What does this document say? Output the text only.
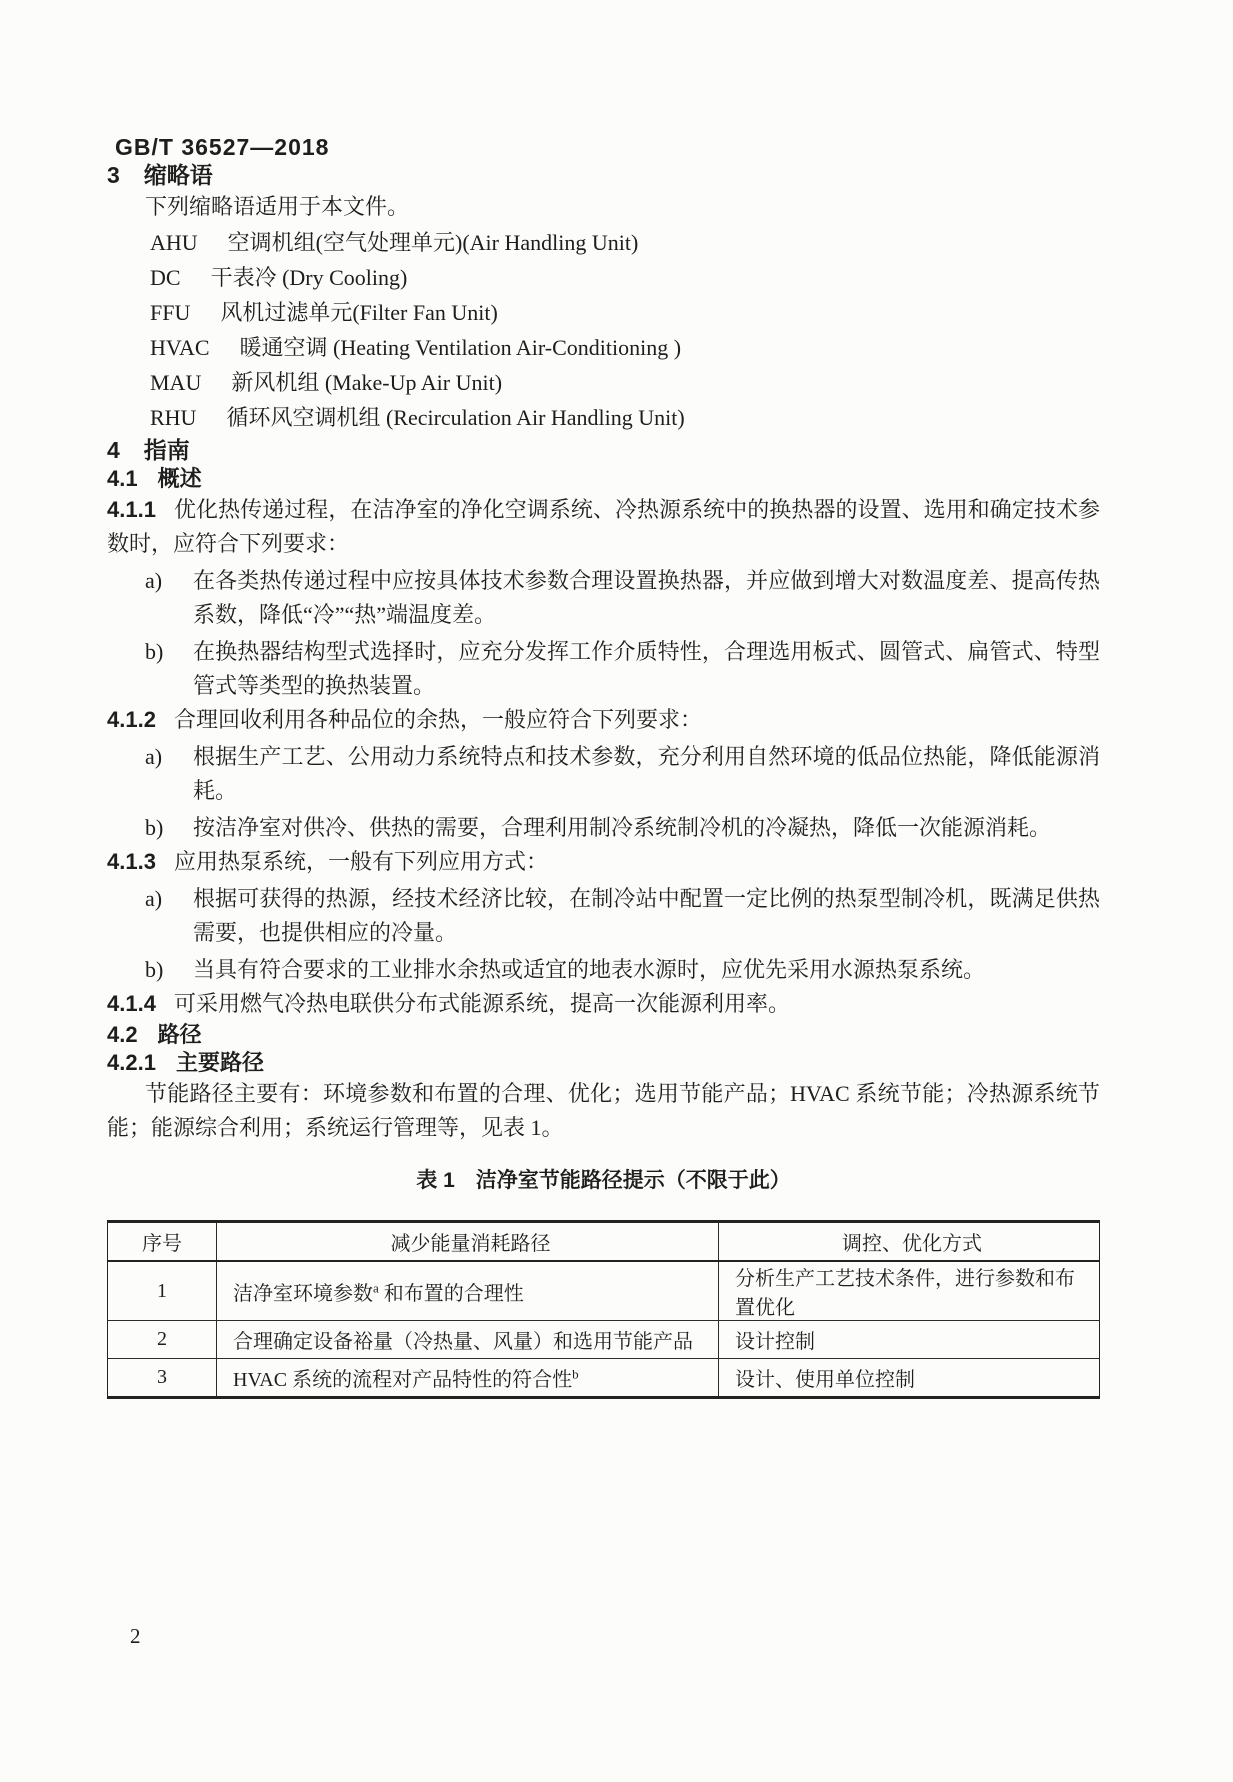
GB/T 36527—2018
3 缩略语

下列缩略语适用于本文件。

AHU 空调机组(空气处理单元)(Air Handling Unit)
DC 干表冷 (Dry Cooling)
FFU 风机过滤单元(Filter Fan Unit)
HVAC 暖通空调 (Heating Ventilation Air-Conditioning )
MAU 新风机组 (Make-Up Air Unit)
RHU 循环风空调机组 (Recirculation Air Handling Unit)
4 指南
4.1 概述

4.1.1 优化热传递过程，在洁净室的净化空调系统、冷热源系统中的换热器的设置、选用和确定技术参数时，应符合下列要求：

a) 在各类热传递过程中应按具体技术参数合理设置换热器，并应做到增大对数温度差、提高传热系数，降低“冷”“热”端温度差。
b) 在换热器结构型式选择时，应充分发挥工作介质特性，合理选用板式、圆管式、扁管式、特型管式等类型的换热装置。

4.1.2 合理回收利用各种品位的余热，一般应符合下列要求：

a) 根据生产工艺、公用动力系统特点和技术参数，充分利用自然环境的低品位热能，降低能源消耗。
b) 按洁净室对供冷、供热的需要，合理利用制冷系统制冷机的冷凝热，降低一次能源消耗。

4.1.3 应用热泵系统，一般有下列应用方式：

a) 根据可获得的热源，经技术经济比较，在制冷站中配置一定比例的热泵型制冷机，既满足供热需要，也提供相应的冷量。
b) 当具有符合要求的工业排水余热或适宜的地表水源时，应优先采用水源热泵系统。

4.1.4 可采用燃气冷热电联供分布式能源系统，提高一次能源利用率。

4.2 路径
4.2.1 主要路径

节能路径主要有：环境参数和布置的合理、优化；选用节能产品；HVAC 系统节能；冷热源系统节能；能源综合利用；系统运行管理等，见表 1。

表 1　洁净室节能路径提示（不限于此）
序号	减少能量消耗路径	调控、优化方式
1	洁净室环境参数$^a$ 和布置的合理性	分析生产工艺技术条件，进行参数和布置优化
2	合理确定设备裕量（冷热量、风量）和选用节能产品	设计控制
3	HVAC 系统的流程对产品特性的符合性$^b$	设计、使用单位控制
2
